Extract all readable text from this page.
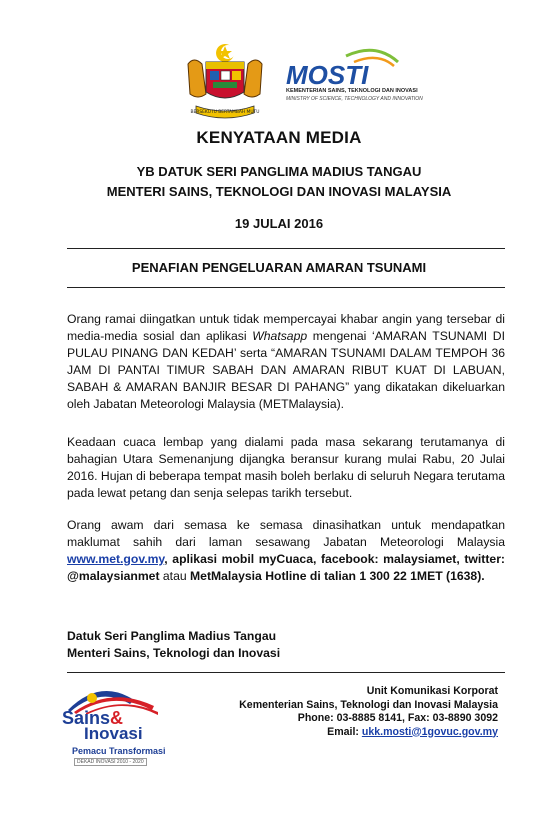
BERSEKUTU BERTAMBAH MUTU
MOSTI
KEMENTERIAN SAINS, TEKNOLOGI DAN INOVASI
MINISTRY OF SCIENCE, TECHNOLOGY AND INNOVATION
KENYATAAN MEDIA
YB DATUK SERI PANGLIMA MADIUS TANGAU
MENTERI SAINS, TEKNOLOGI DAN INOVASI MALAYSIA
19 JULAI 2016
PENAFIAN PENGELUARAN AMARAN TSUNAMI
Orang ramai diingatkan untuk tidak mempercayai khabar angin yang tersebar di media-media sosial dan aplikasi Whatsapp mengenai ‘AMARAN TSUNAMI DI PULAU PINANG DAN KEDAH’ serta “AMARAN TSUNAMI DALAM TEMPOH 36 JAM DI PANTAI TIMUR SABAH DAN AMARAN RIBUT KUAT DI LABUAN, SABAH & AMARAN BANJIR BESAR DI PAHANG” yang dikatakan dikeluarkan oleh Jabatan Meteorologi Malaysia (METMalaysia).
Keadaan cuaca lembap yang dialami pada masa sekarang terutamanya di bahagian Utara Semenanjung dijangka beransur kurang mulai Rabu, 20 Julai 2016. Hujan di beberapa tempat masih boleh berlaku di seluruh Negara terutama pada lewat petang dan senja selepas tarikh tersebut.
Orang awam dari semasa ke semasa dinasihatkan untuk mendapatkan maklumat sahih dari laman sesawang Jabatan Meteorologi Malaysia www.met.gov.my, aplikasi mobil myCuaca, facebook: malaysiamet, twitter: @malaysianmet atau MetMalaysia Hotline di talian 1 300 22 1MET (1638).
Datuk Seri Panglima Madius Tangau
Menteri Sains, Teknologi dan Inovasi
Sains&
Inovasi
Pemacu Transformasi
DEKAD INOVASI 2010 - 2020
Unit Komunikasi Korporat
Kementerian Sains, Teknologi dan Inovasi Malaysia
Phone: 03-8885 8141, Fax: 03-8890 3092
Email: ukk.mosti@1govuc.gov.my
